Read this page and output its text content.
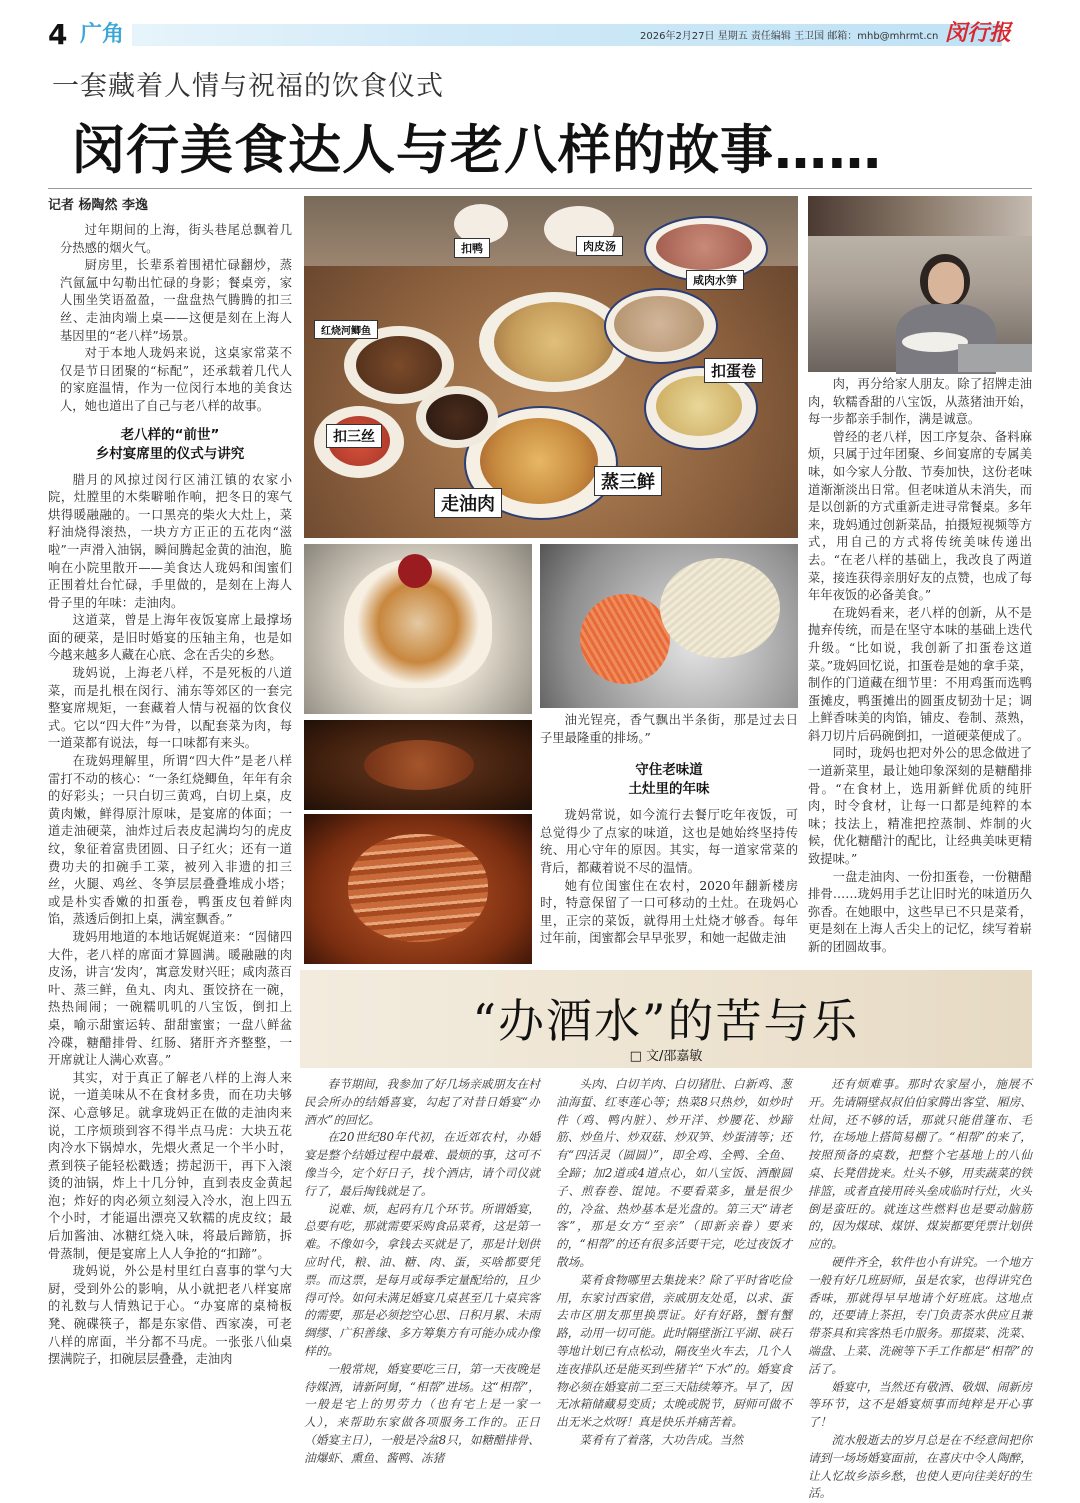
4 广角	2026年2月27日 星期五 责任编辑 王卫国 邮箱：mhb@mhrmt.cn 闵行报
一套藏着人情与祝福的饮食仪式
闵行美食达人与老八样的故事……
记者 杨陶然 李逸

过年期间的上海，街头巷尾总飘着几分热感的烟火气。

厨房里，长辈系着围裙忙碌翻炒，蒸汽氤氲中勾勒出忙碌的身影；餐桌旁，家人围坐笑语盈盈，一盘盘热气腾腾的扣三丝、走油肉端上桌——这便是刻在上海人基因里的“老八样”场景。

对于本地人珑妈来说，这桌家常菜不仅是节日团聚的“标配”，还承载着几代人的家庭温情，作为一位闵行本地的美食达人，她也道出了自己与老八样的故事。

老八样的“前世”
乡村宴席里的仪式与讲究

腊月的风掠过闵行区浦江镇的农家小院，灶膛里的木柴噼啪作响，把冬日的寒气烘得暖融融的。一口黑亮的柴火大灶上，菜籽油烧得滚热，一块方方正正的五花肉“滋啦”一声滑入油锅，瞬间腾起金黄的油泡，脆响在小院里散开——美食达人珑妈和闺蜜们正围着灶台忙碌，手里做的，是刻在上海人骨子里的年味：走油肉。

这道菜，曾是上海年夜饭宴席上最撑场面的硬菜，是旧时婚宴的压轴主角，也是如今越来越多人藏在心底、念在舌尖的乡愁。

珑妈说，上海老八样，不是死板的八道菜，而是扎根在闵行、浦东等郊区的一套完整宴席规矩，一套藏着人情与祝福的饮食仪式。它以“四大件”为骨，以配套菜为肉，每一道菜都有说法，每一口味都有来头。

在珑妈理解里，所谓“四大件”是老八样雷打不动的核心：“一条红烧鲫鱼，年年有余的好彩头；一只白切三黄鸡，白切上桌，皮黄肉嫩，鲜得原汁原味，是宴席的体面；一道走油硬菜，油炸过后表皮起满均匀的虎皮纹，象征着富贵团圆、日子红火；还有一道费功夫的扣碗手工菜，被列入非遗的扣三丝，火腿、鸡丝、冬笋层层叠叠堆成小塔；或是朴实香嫩的扣蛋卷，鸭蛋皮包着鲜肉馅，蒸透后倒扣上桌，满室飘香。”

珑妈用地道的本地话娓娓道来：“囥储四大件，老八样的席面才算圆满。暖融融的肉皮汤，讲言‘发肉’，寓意发财兴旺；咸肉蒸百叶、蒸三鲜，鱼丸、肉丸、蛋饺挤在一碗，热热闹闹；一碗糯叽叽的八宝饭，倒扣上桌，喻示甜蜜运转、甜甜蜜蜜；一盘八鲜盆冷碟，糖醋排骨、红肠、猪肝齐齐整整，一开席就让人满心欢喜。”

其实，对于真正了解老八样的上海人来说，一道美味从不在食材多贵，而在功夫够深、心意够足。就拿珑妈正在做的走油肉来说，工序烦琐到容不得半点马虎：大块五花肉冷水下锅焯水，先煨火煮足一个半小时，煮到筷子能轻松戳透；捞起沥干，再下入滚烫的油锅，炸上十几分钟，直到表皮金黄起泡；炸好的肉必须立刻浸入冷水，泡上四五个小时，才能逼出漂亮又软糯的虎皮纹；最后加酱油、冰糖红烧入味，将最后蹄筋，拆骨蒸制，便是宴席上人人争抢的“扣蹄”。

珑妈说，外公是村里红白喜事的掌勺大厨，受到外公的影响，从小就把老八样宴席的礼数与人情熟记于心。“办宴席的桌椅板凳、碗碟筷子，都是东家借、西家凑，可老八样的席面，半分都不马虎。一张张八仙桌摆满院子，扣碗层层叠叠，走油肉

扣鸭	肉皮汤
咸肉水笋
红烧河鲫鱼
扣蛋卷
扣三丝
走油肉
蒸三鲜

油光锃亮，香气飘出半条街，那是过去日子里最隆重的排场。”

守住老味道
土灶里的年味

珑妈常说，如今流行去餐厅吃年夜饭，可总觉得少了点家的味道，这也是她始终坚持传统、用心守年的原因。其实，每一道家常菜的背后，都藏着说不尽的温情。

她有位闺蜜住在农村，2020年翻新楼房时，特意保留了一口可移动的土灶。在珑妈心里，正宗的菜饭，就得用土灶烧才够香。每年过年前，闺蜜都会早早张罗，和她一起做走油

肉，再分给家人朋友。除了招牌走油肉，软糯香甜的八宝饭，从蒸猪油开始，每一步都亲手制作，满是诚意。

曾经的老八样，因工序复杂、备料麻烦，只属于过年团聚、乡间宴席的专属美味，如今家人分散、节奏加快，这份老味道渐渐淡出日常。但老味道从未消失，而是以创新的方式重新走进寻常餐桌。多年来，珑妈通过创新菜品，拍摄短视频等方式，用自己的方式将传统美味传递出去。“在老八样的基础上，我改良了两道菜，接连获得亲朋好友的点赞，也成了每年年夜饭的必备美食。”

在珑妈看来，老八样的创新，从不是抛弃传统，而是在坚守本味的基础上迭代升级。“比如说，我创新了扣蛋卷这道菜。”珑妈回忆说，扣蛋卷是她的拿手菜，制作的门道藏在细节里：不用鸡蛋而选鸭蛋摊皮，鸭蛋摊出的圆蛋皮韧劲十足；调上鲜香味美的肉馅，铺皮、卷制、蒸熟，斜刀切片后码碗倒扣，一道硬菜便成了。

同时，珑妈也把对外公的思念做进了一道新菜里，最让她印象深刻的是糖醋排骨。“在食材上，选用新鲜优质的纯肝肉，时令食材，让每一口都是纯粹的本味；技法上，精准把控蒸制、炸制的火候，优化糖醋汁的配比，让经典美味更精致提味。”

一盘走油肉、一份扣蛋卷，一份糖醋排骨……珑妈用手艺让旧时光的味道历久弥香。在她眼中，这些早已不只是菜肴，更是刻在上海人舌尖上的记忆，续写着崭新的团圆故事。

“办酒水”的苦与乐
□ 文/邵嘉敏

春节期间，我参加了好几场亲戚朋友在村民会所办的结婚喜宴，勾起了对昔日婚宴“办酒水”的回忆。

在20世纪80年代初，在近郊农村，办婚宴是整个结婚过程中最难、最烦的事，这可不像当今，定个好日子，找个酒店，请个司仪就行了，最后掏钱就是了。

说难、烦，起码有几个环节。所谓婚宴，总要有吃，那就需要采购食品菜肴，这是第一难。不像如今，拿钱去买就是了，那是计划供应时代，粮、油、糖、肉、蛋，买啥都要凭票。而这票，是每月或每季定量配给的，且少得可怜。如何未满足婚宴几桌甚至几十桌宾客的需要，那是必须挖空心思、日积月累、未雨绸缪、广积善缘、多方筹集方有可能办成办像样的。

一般常规，婚宴要吃三日，第一天夜晚是待媒酒，请新阿舅，“相帮”进场。这“相帮”，一般是宅上的男劳力（也有宅上是一家一人），来帮助东家做各项服务工作的。正日（婚宴主日），一般是冷盆8只，如糖醋排骨、油爆虾、熏鱼、酱鸭、冻猪

头肉、白切羊肉、白切猪肚、白新鸡、葱油海蜇、红枣莲心等；热菜8只热炒，如炒时件（鸡、鸭内脏）、炒开洋、炒腰花、炒蹄筋、炒鱼片、炒双菇、炒双笋、炒蛋清等；还有“四活灵（圆圆）”，即全鸡、全鸭、全鱼、全蹄；加2道或4道点心，如八宝饭、酒酿圆子、煎春卷、馄饨。不要看菜多，量是很少的，冷盆、热炒基本是光盘的。第三天“请老客”，那是女方“至亲”（即新亲眷）要来的，“相帮”的还有很多活要干完，吃过夜饭才散场。

菜肴食物哪里去集拢来？除了平时省吃俭用，东家讨西家借，亲戚朋友处觅，以求、蛋去市区朋友那里换票证。好有好路，蟹有蟹路，动用一切可能。此时隔壁浙江平湖、硖石等地计划已有点松动，隔夜坐火车去，几个人连夜排队还是能买到些猪羊“下水”的。婚宴食物必须在婚宴前二至三天陆续筹齐。早了，因无冰箱储藏易变质；太晚或脱节，厨师可做不出无米之炊呀！真是快乐并痛苦着。

菜肴有了着落，大功告成。当然

还有烦难事。那时农家屋小，施展不开。先请隔壁叔叔伯伯家腾出客堂、厢房、灶间，还不够的话，那就只能借篷布、毛竹，在场地上搭简易棚了。“相帮”的来了，按照预备的桌数，把整个宅基地上的八仙桌、长凳借拢来。灶头不够，用卖蔬菜的铁排篮，或者直接用砖头垒成临时行灶，火头倒是蛮旺的。就连这些燃料也是要动脑筋的，因为煤球、煤饼、煤炭都要凭票计划供应的。

硬件齐全，软件也小有讲究。一个地方一般有好几班厨师，虽是农家，也得讲究色香味，那就得早早地请个好班底。这地点的，还要请上茶担，专门负责茶水供应且兼带茶具和宾客热毛巾服务。那掇菜、洗菜、端盘、上菜、洗碗等下手工作都是“相帮”的活了。

婚宴中，当然还有敬酒、敬烟、闹新房等环节，这不是婚宴烦事而纯粹是开心事了！

流水般逝去的岁月总是在不经意间把你请到一场场婚宴面前，在喜庆中令人陶醉，让人忆故乡添乡愁，也使人更向往美好的生活。
